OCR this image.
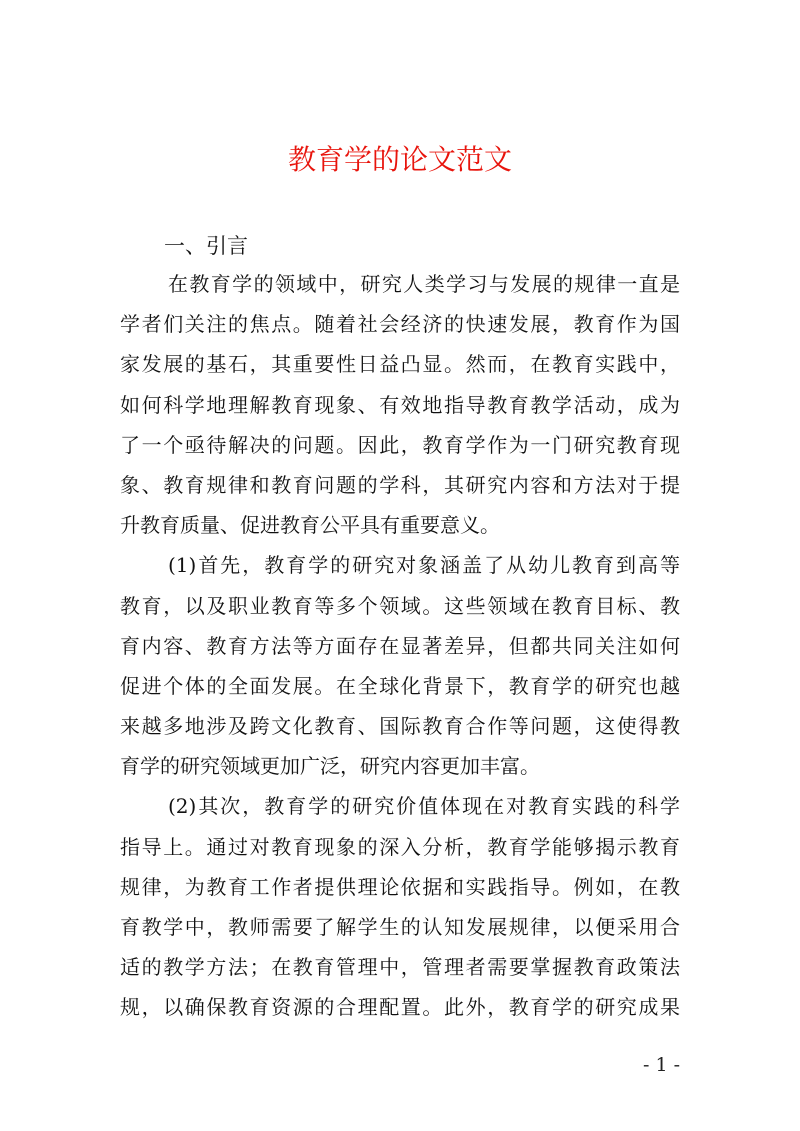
教育学的论文范文
一、引言

在教育学的领域中，研究人类学习与发展的规律一直是
学者们关注的焦点。随着社会经济的快速发展，教育作为国
家发展的基石，其重要性日益凸显。然而，在教育实践中，
如何科学地理解教育现象、有效地指导教育教学活动，成为
了一个亟待解决的问题。因此，教育学作为一门研究教育现
象、教育规律和教育问题的学科，其研究内容和方法对于提
升教育质量、促进教育公平具有重要意义。

(1)首先，教育学的研究对象涵盖了从幼儿教育到高等
教育，以及职业教育等多个领域。这些领域在教育目标、教
育内容、教育方法等方面存在显著差异，但都共同关注如何
促进个体的全面发展。在全球化背景下，教育学的研究也越
来越多地涉及跨文化教育、国际教育合作等问题，这使得教
育学的研究领域更加广泛，研究内容更加丰富。

(2)其次，教育学的研究价值体现在对教育实践的科学
指导上。通过对教育现象的深入分析，教育学能够揭示教育
规律，为教育工作者提供理论依据和实践指导。例如，在教
育教学中，教师需要了解学生的认知发展规律，以便采用合
适的教学方法；在教育管理中，管理者需要掌握教育政策法
规，以确保教育资源的合理配置。此外，教育学的研究成果

- 1 -
